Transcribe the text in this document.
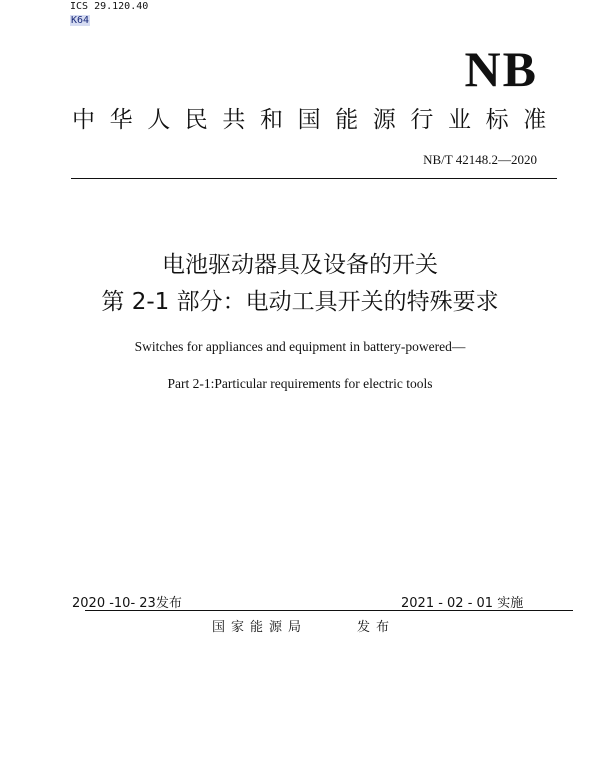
ICS 29.120.40
K64
NB
中华人民共和国能源行业标准
NB/T 42148.2—2020
电池驱动器具及设备的开关
第 2-1 部分：电动工具开关的特殊要求
Switches for appliances and equipment in battery-powered—
Part 2-1:Particular requirements for electric tools
2020 -10- 23发布	2021 - 02 - 01 实施
国家能源局	发布
